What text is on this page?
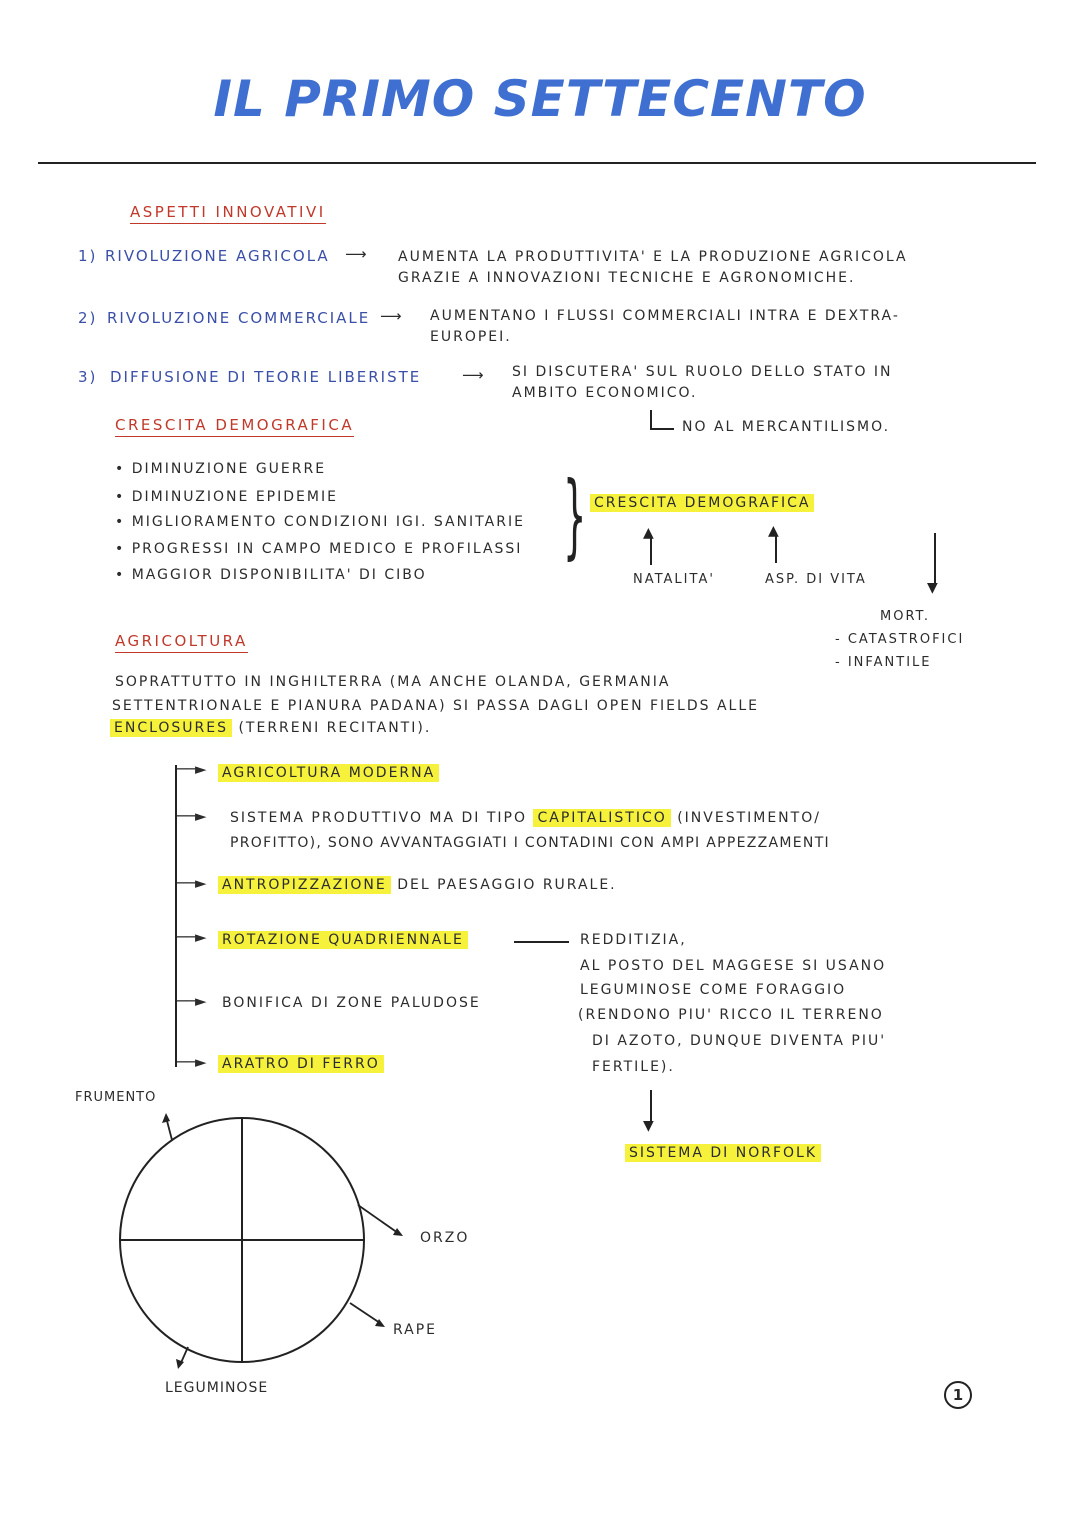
IL PRIMO SETTECENTO
ASPETTI INNOVATIVI
1) RIVOLUZIONE AGRICOLA ⟶ AUMENTA LA PRODUTTIVITA' E LA PRODUZIONE AGRICOLA
GRAZIE A INNOVAZIONI TECNICHE E AGRONOMICHE.
2) RIVOLUZIONE COMMERCIALE ⟶ AUMENTANO I FLUSSI COMMERCIALI INTRA E DEXTRA-
EUROPEI.
3) DIFFUSIONE DI TEORIE LIBERISTE	⟶ SI DISCUTERA' SUL RUOLO DELLO STATO IN
AMBITO ECONOMICO.
NO AL MERCANTILISMO.
CRESCITA DEMOGRAFICA
• DIMINUZIONE GUERRE
• DIMINUZIONE EPIDEMIE
• MIGLIORAMENTO CONDIZIONI IGI. SANITARIE
• PROGRESSI IN CAMPO MEDICO E PROFILASSI
• MAGGIOR DISPONIBILITA' DI CIBO
} CRESCITA DEMOGRAFICA
▲
NATALITA'
▲
ASP. DI VITA
▼
MORT.
- CATASTROFICI
- INFANTILE
AGRICOLTURA
SOPRATTUTTO IN INGHILTERRA (MA ANCHE OLANDA, GERMANIA
SETTENTRIONALE E PIANURA PADANA) SI PASSA DAGLI OPEN FIELDS ALLE
ENCLOSURES (TERRENI RECITANTI).
──► AGRICOLTURA MODERNA
──► SISTEMA PRODUTTIVO MA DI TIPO CAPITALISTICO (INVESTIMENTO/
PROFITTO), SONO AVVANTAGGIATI I CONTADINI CON AMPI APPEZZAMENTI
──► ANTROPIZZAZIONE DEL PAESAGGIO RURALE.
──► ROTAZIONE QUADRIENNALE	REDDITIZIA,
AL POSTO DEL MAGGESE SI USANO
LEGUMINOSE COME FORAGGIO
(RENDONO PIU' RICCO IL TERRENO
DI AZOTO, DUNQUE DIVENTA PIU'
FERTILE).
──► BONIFICA DI ZONE PALUDOSE
──► ARATRO DI FERRO
▼
SISTEMA DI NORFOLK
FRUMENTO
ORZO
RAPE
LEGUMINOSE	1
